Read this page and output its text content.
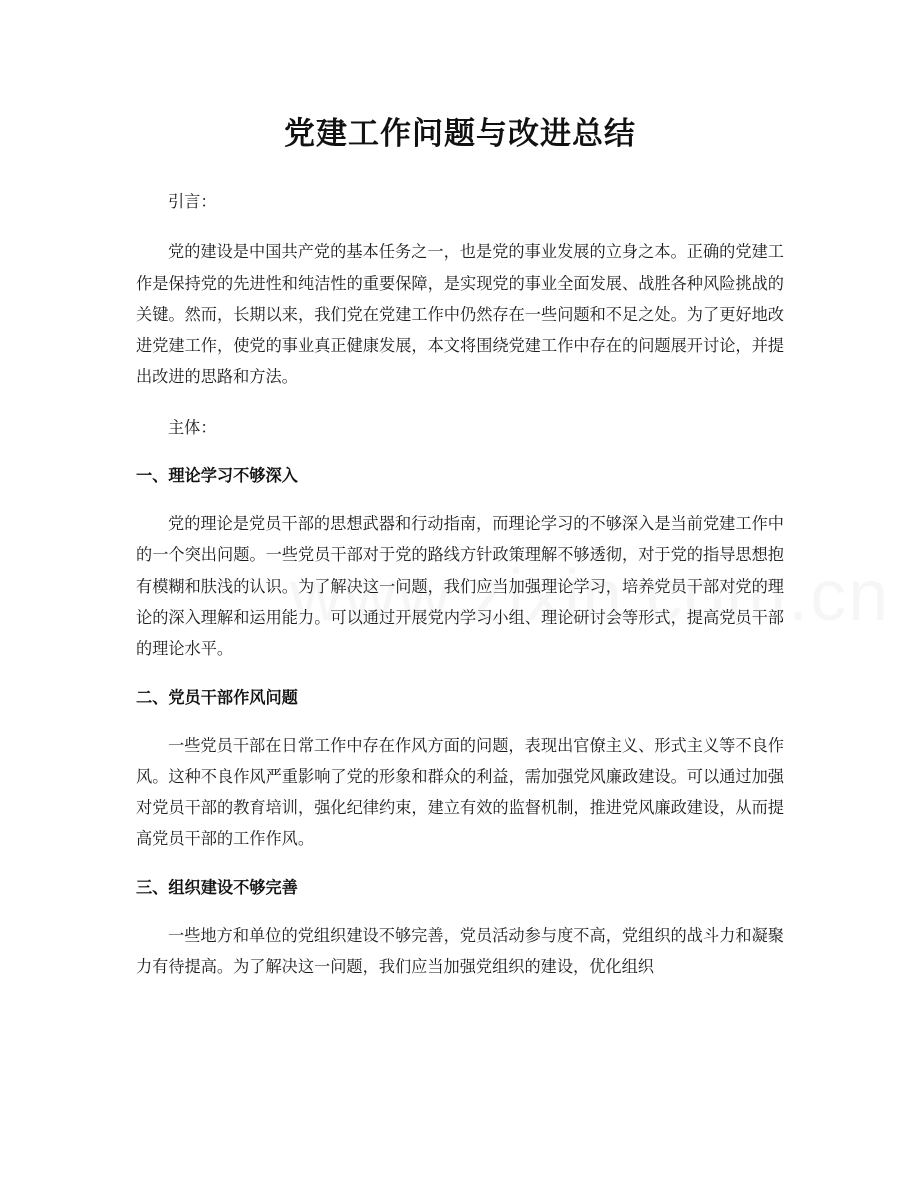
党建工作问题与改进总结

引言：

党的建设是中国共产党的基本任务之一，也是党的事业发展的立身之本。正确的党建工作是保持党的先进性和纯洁性的重要保障，是实现党的事业全面发展、战胜各种风险挑战的关键。然而，长期以来，我们党在党建工作中仍然存在一些问题和不足之处。为了更好地改进党建工作，使党的事业真正健康发展，本文将围绕党建工作中存在的问题展开讨论，并提出改进的思路和方法。

主体：

一、理论学习不够深入

党的理论是党员干部的思想武器和行动指南，而理论学习的不够深入是当前党建工作中的一个突出问题。一些党员干部对于党的路线方针政策理解不够透彻，对于党的指导思想抱有模糊和肤浅的认识。为了解决这一问题，我们应当加强理论学习，培养党员干部对党的理论的深入理解和运用能力。可以通过开展党内学习小组、理论研讨会等形式，提高党员干部的理论水平。

二、党员干部作风问题

一些党员干部在日常工作中存在作风方面的问题，表现出官僚主义、形式主义等不良作风。这种不良作风严重影响了党的形象和群众的利益，需加强党风廉政建设。可以通过加强对党员干部的教育培训，强化纪律约束，建立有效的监督机制，推进党风廉政建设，从而提高党员干部的工作作风。

三、组织建设不够完善

一些地方和单位的党组织建设不够完善，党员活动参与度不高，党组织的战斗力和凝聚力有待提高。为了解决这一问题，我们应当加强党组织的建设，优化组织
